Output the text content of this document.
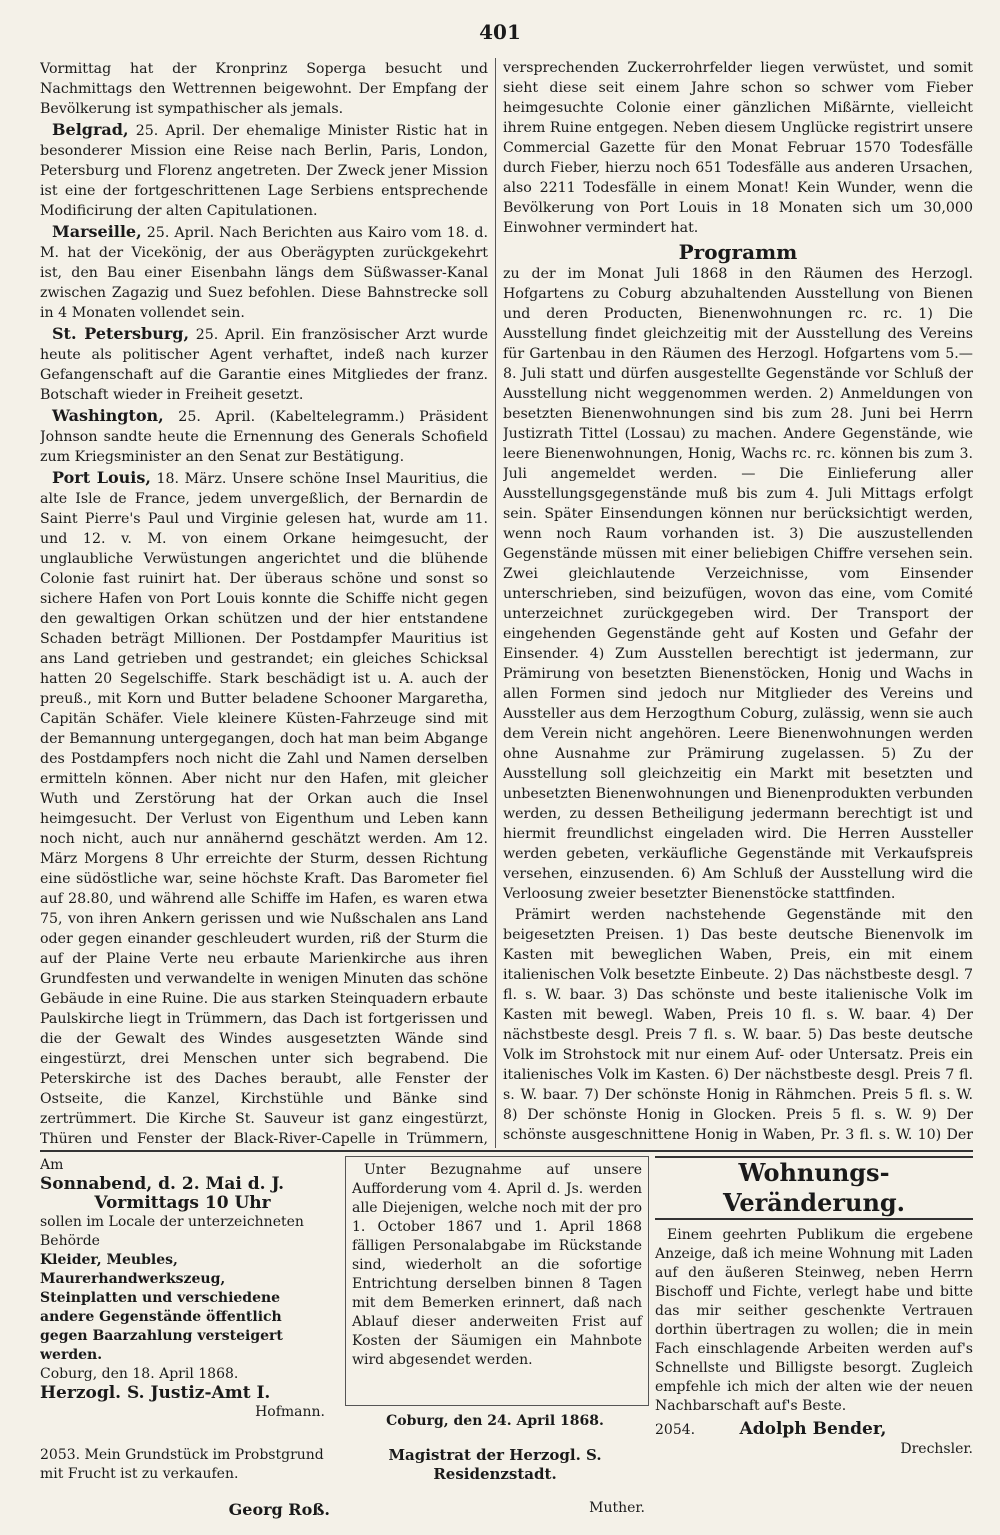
401

Vormittag hat der Kronprinz Soperga besucht und Nachmittags den Wettrennen beigewohnt. Der Empfang der Bevölkerung ist sympathischer als jemals.

Belgrad, 25. April. Der ehemalige Minister Ristic hat in besonderer Mission eine Reise nach Berlin, Paris, London, Petersburg und Florenz angetreten. Der Zweck jener Mission ist eine der fortgeschrittenen Lage Serbiens entsprechende Modificirung der alten Capitulationen.

Marseille, 25. April. Nach Berichten aus Kairo vom 18. d. M. hat der Vicekönig, der aus Oberägypten zurückgekehrt ist, den Bau einer Eisenbahn längs dem Süßwasser-Kanal zwischen Zagazig und Suez befohlen. Diese Bahnstrecke soll in 4 Monaten vollendet sein.

St. Petersburg, 25. April. Ein französischer Arzt wurde heute als politischer Agent verhaftet, indeß nach kurzer Gefangenschaft auf die Garantie eines Mitgliedes der franz. Botschaft wieder in Freiheit gesetzt.

Washington, 25. April. (Kabeltelegramm.) Präsident Johnson sandte heute die Ernennung des Generals Schofield zum Kriegsminister an den Senat zur Bestätigung.

Port Louis, 18. März. Unsere schöne Insel Mauritius, die alte Isle de France, jedem unvergeßlich, der Bernardin de Saint Pierre's Paul und Virginie gelesen hat, wurde am 11. und 12. v. M. von einem Orkane heimgesucht, der unglaubliche Verwüstungen angerichtet und die blühende Colonie fast ruinirt hat. Der überaus schöne und sonst so sichere Hafen von Port Louis konnte die Schiffe nicht gegen den gewaltigen Orkan schützen und der hier entstandene Schaden beträgt Millionen. Der Postdampfer Mauritius ist ans Land getrieben und gestrandet; ein gleiches Schicksal hatten 20 Segelschiffe. Stark beschädigt ist u. A. auch der preuß., mit Korn und Butter beladene Schooner Margaretha, Capitän Schäfer. Viele kleinere Küsten-Fahrzeuge sind mit der Bemannung untergegangen, doch hat man beim Abgange des Postdampfers noch nicht die Zahl und Namen derselben ermitteln können. Aber nicht nur den Hafen, mit gleicher Wuth und Zerstörung hat der Orkan auch die Insel heimgesucht. Der Verlust von Eigenthum und Leben kann noch nicht, auch nur annähernd geschätzt werden. Am 12. März Morgens 8 Uhr erreichte der Sturm, dessen Richtung eine südöstliche war, seine höchste Kraft. Das Barometer fiel auf 28.80, und während alle Schiffe im Hafen, es waren etwa 75, von ihren Ankern gerissen und wie Nußschalen ans Land oder gegen einander geschleudert wurden, riß der Sturm die auf der Plaine Verte neu erbaute Marienkirche aus ihren Grundfesten und verwandelte in wenigen Minuten das schöne Gebäude in eine Ruine. Die aus starken Steinquadern erbaute Paulskirche liegt in Trümmern, das Dach ist fortgerissen und die der Gewalt des Windes ausgesetzten Wände sind eingestürzt, drei Menschen unter sich begrabend. Die Peterskirche ist des Daches beraubt, alle Fenster der Ostseite, die Kanzel, Kirchstühle und Bänke sind zertrümmert. Die Kirche St. Sauveur ist ganz eingestürzt, Thüren und Fenster der Black-River-Capelle in Trümmern,

versprechenden Zuckerrohrfelder liegen verwüstet, und somit sieht diese seit einem Jahre schon so schwer vom Fieber heimgesuchte Colonie einer gänzlichen Mißärnte, vielleicht ihrem Ruine entgegen. Neben diesem Unglücke registrirt unsere Commercial Gazette für den Monat Februar 1570 Todesfälle durch Fieber, hierzu noch 651 Todesfälle aus anderen Ursachen, also 2211 Todesfälle in einem Monat! Kein Wunder, wenn die Bevölkerung von Port Louis in 18 Monaten sich um 30,000 Einwohner vermindert hat.

Programm

zu der im Monat Juli 1868 in den Räumen des Herzogl. Hofgartens zu Coburg abzuhaltenden Ausstellung von Bienen und deren Producten, Bienenwohnungen rc. rc. 1) Die Ausstellung findet gleichzeitig mit der Ausstellung des Vereins für Gartenbau in den Räumen des Herzogl. Hofgartens vom 5.—8. Juli statt und dürfen ausgestellte Gegenstände vor Schluß der Ausstellung nicht weggenommen werden. 2) Anmeldungen von besetzten Bienenwohnungen sind bis zum 28. Juni bei Herrn Justizrath Tittel (Lossau) zu machen. Andere Gegenstände, wie leere Bienenwohnungen, Honig, Wachs rc. rc. können bis zum 3. Juli angemeldet werden. — Die Einlieferung aller Ausstellungsgegenstände muß bis zum 4. Juli Mittags erfolgt sein. Später Einsendungen können nur berücksichtigt werden, wenn noch Raum vorhanden ist. 3) Die auszustellenden Gegenstände müssen mit einer beliebigen Chiffre versehen sein. Zwei gleichlautende Verzeichnisse, vom Einsender unterschrieben, sind beizufügen, wovon das eine, vom Comité unterzeichnet zurückgegeben wird. Der Transport der eingehenden Gegenstände geht auf Kosten und Gefahr der Einsender. 4) Zum Ausstellen berechtigt ist jedermann, zur Prämirung von besetzten Bienenstöcken, Honig und Wachs in allen Formen sind jedoch nur Mitglieder des Vereins und Aussteller aus dem Herzogthum Coburg, zulässig, wenn sie auch dem Verein nicht angehören. Leere Bienenwohnungen werden ohne Ausnahme zur Prämirung zugelassen. 5) Zu der Ausstellung soll gleichzeitig ein Markt mit besetzten und unbesetzten Bienenwohnungen und Bienenprodukten verbunden werden, zu dessen Betheiligung jedermann berechtigt ist und hiermit freundlichst eingeladen wird. Die Herren Aussteller werden gebeten, verkäufliche Gegenstände mit Verkaufspreis versehen, einzusenden. 6) Am Schluß der Ausstellung wird die Verloosung zweier besetzter Bienenstöcke stattfinden.

Prämirt werden nachstehende Gegenstände mit den beigesetzten Preisen. 1) Das beste deutsche Bienenvolk im Kasten mit beweglichen Waben, Preis, ein mit einem italienischen Volk besetzte Einbeute. 2) Das nächstbeste desgl. 7 fl. s. W. baar. 3) Das schönste und beste italienische Volk im Kasten mit bewegl. Waben, Preis 10 fl. s. W. baar. 4) Der nächstbeste desgl. Preis 7 fl. s. W. baar. 5) Das beste deutsche Volk im Strohstock mit nur einem Auf- oder Untersatz. Preis ein italienisches Volk im Kasten. 6) Der nächstbeste desgl. Preis 7 fl. s. W. baar. 7) Der schönste Honig in Rähmchen. Preis 5 fl. s. W. 8) Der schönste Honig in Glocken. Preis 5 fl. s. W. 9) Der schönste ausgeschnittene Honig in Waben, Pr. 3 fl. s. W. 10) Der

Am

Sonnabend, d. 2. Mai d. J.

Vormittags 10 Uhr

sollen im Locale der unterzeichneten Behörde

Kleider, Meubles, Maurerhandwerkszeug, Steinplatten und verschiedene andere Gegenstände öffentlich gegen Baarzahlung versteigert werden.

Coburg, den 18. April 1868.

Herzogl. S. Justiz-Amt I.

Hofmann.

2053. Mein Grundstück im Probstgrund mit Frucht ist zu verkaufen.

Georg Roß.

Unter Bezugnahme auf unsere Aufforderung vom 4. April d. Js. werden alle Diejenigen, welche noch mit der pro 1. October 1867 und 1. April 1868 fälligen Personalabgabe im Rückstande sind, wiederholt an die sofortige Entrichtung derselben binnen 8 Tagen mit dem Bemerken erinnert, daß nach Ablauf dieser anderweiten Frist auf Kosten der Säumigen ein Mahnbote wird abgesendet werden.

Coburg, den 24. April 1868.

Magistrat der Herzogl. S. Residenzstadt.

Muther.

Wohnungs-Veränderung.

Einem geehrten Publikum die ergebene Anzeige, daß ich meine Wohnung mit Laden auf den äußeren Steinweg, neben Herrn Bischoff und Fichte, verlegt habe und bitte das mir seither geschenkte Vertrauen dorthin übertragen zu wollen; die in mein Fach einschlagende Arbeiten werden auf's Schnellste und Billigste besorgt. Zugleich empfehle ich mich der alten wie der neuen Nachbarschaft auf's Beste.

2054.	Adolph Bender,

Drechsler.
